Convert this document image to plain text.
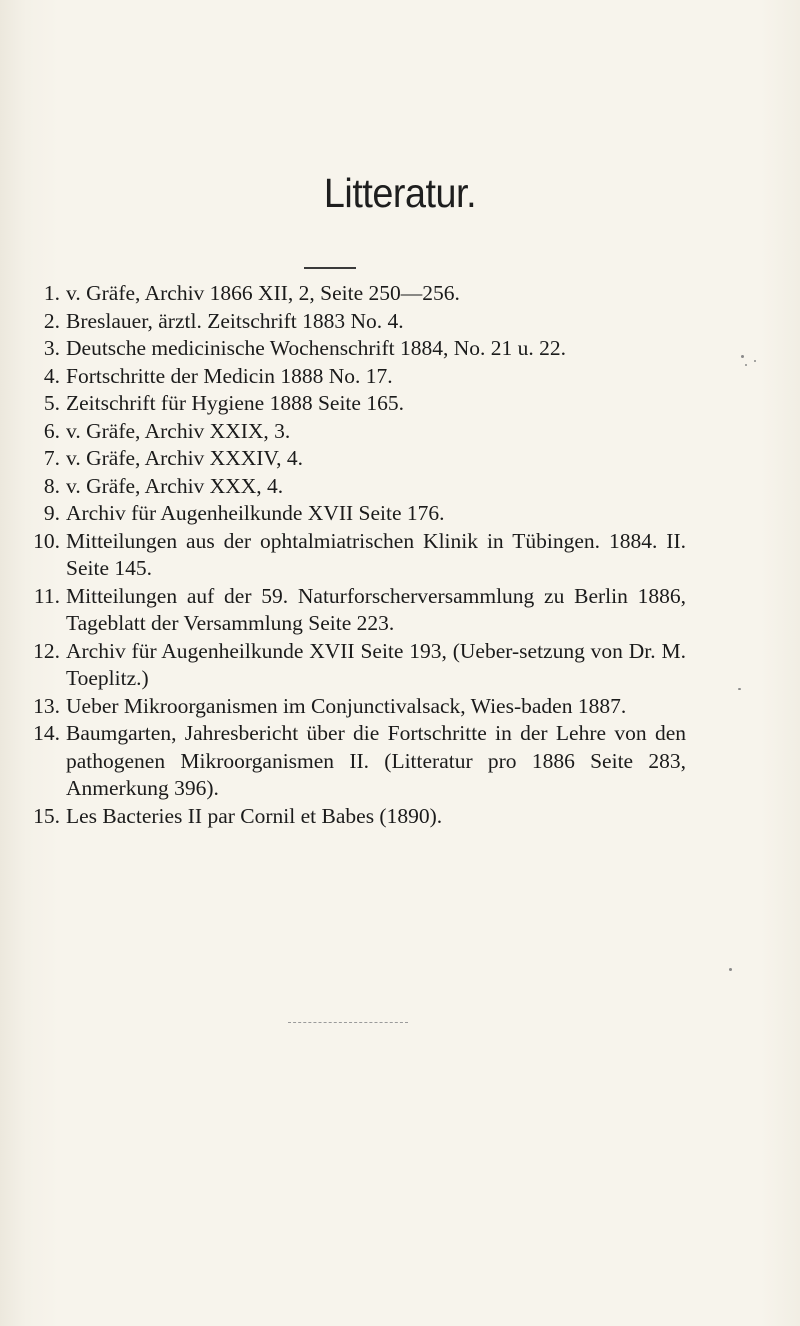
Litteratur.
1. v. Gräfe, Archiv 1866 XII, 2, Seite 250—256.
2. Breslauer, ärztl. Zeitschrift 1883 No. 4.
3. Deutsche medicinische Wochenschrift 1884, No. 21 u. 22.
4. Fortschritte der Medicin 1888 No. 17.
5. Zeitschrift für Hygiene 1888 Seite 165.
6. v. Gräfe, Archiv XXIX, 3.
7. v. Gräfe, Archiv XXXIV, 4.
8. v. Gräfe, Archiv XXX, 4.
9. Archiv für Augenheilkunde XVII Seite 176.
10. Mitteilungen aus der ophtalmiatrischen Klinik in Tübingen. 1884. II. Seite 145.
11. Mitteilungen auf der 59. Naturforscherversammlung zu Berlin 1886, Tageblatt der Versammlung Seite 223.
12. Archiv für Augenheilkunde XVII Seite 193, (Ueber-setzung von Dr. M. Toeplitz.)
13. Ueber Mikroorganismen im Conjunctivalsack, Wies-baden 1887.
14. Baumgarten, Jahresbericht über die Fortschritte in der Lehre von den pathogenen Mikroorganismen II. (Litteratur pro 1886 Seite 283, Anmerkung 396).
15. Les Bacteries II par Cornil et Babes (1890).
